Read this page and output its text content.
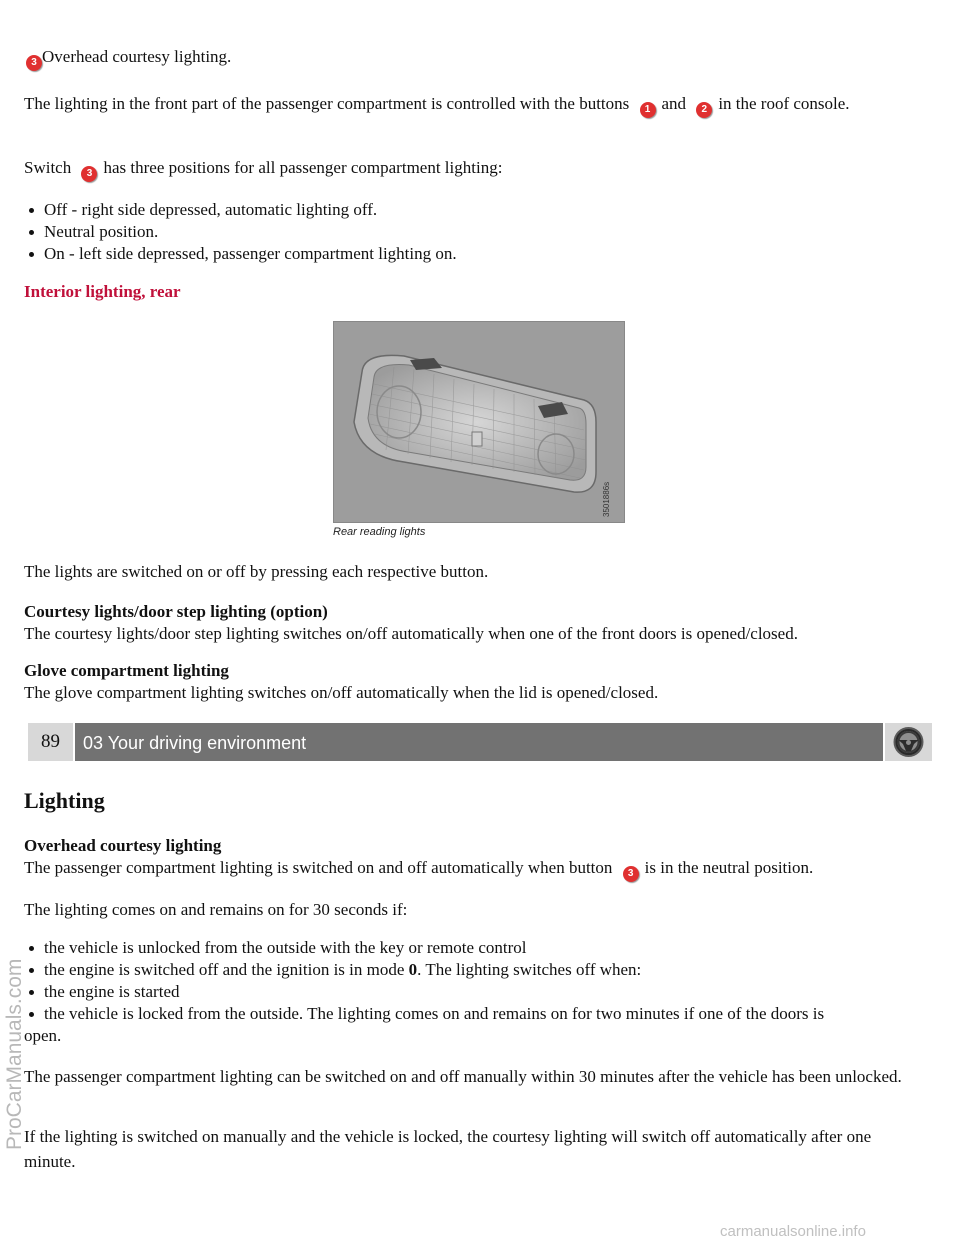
3 Overhead courtesy lighting.

The lighting in the front part of the passenger compartment is controlled with the buttons 1 and 2 in the roof console.

Switch 3 has three positions for all passenger compartment lighting:

Off - right side depressed, automatic lighting off.
Neutral position.
On - left side depressed, passenger compartment lighting on.

Interior lighting, rear

The lights are switched on or off by pressing each respective button.

Courtesy lights/door step lighting (option)

The courtesy lights/door step lighting switches on/off automatically when one of the front doors is opened/closed.

Glove compartment lighting

The glove compartment lighting switches on/off automatically when the lid is opened/closed.

Lighting

Overhead courtesy lighting

The passenger compartment lighting is switched on and off automatically when button 3 is in the neutral position.

The lighting comes on and remains on for 30 seconds if:

the vehicle is unlocked from the outside with the key or remote control
the engine is switched off and the ignition is in mode 0. The lighting switches off when:
the engine is started
the vehicle is locked from the outside. The lighting comes on and remains on for two minutes if one of the doors is

open.

The passenger compartment lighting can be switched on and off manually within 30 minutes after the vehicle has been unlocked.

If the lighting is switched on manually and the vehicle is locked, the courtesy lighting will switch off automatically after one minute.

3501886s
Rear reading lights
89	03 Your driving environment
ProCarManuals.com
carmanualsonline.info
